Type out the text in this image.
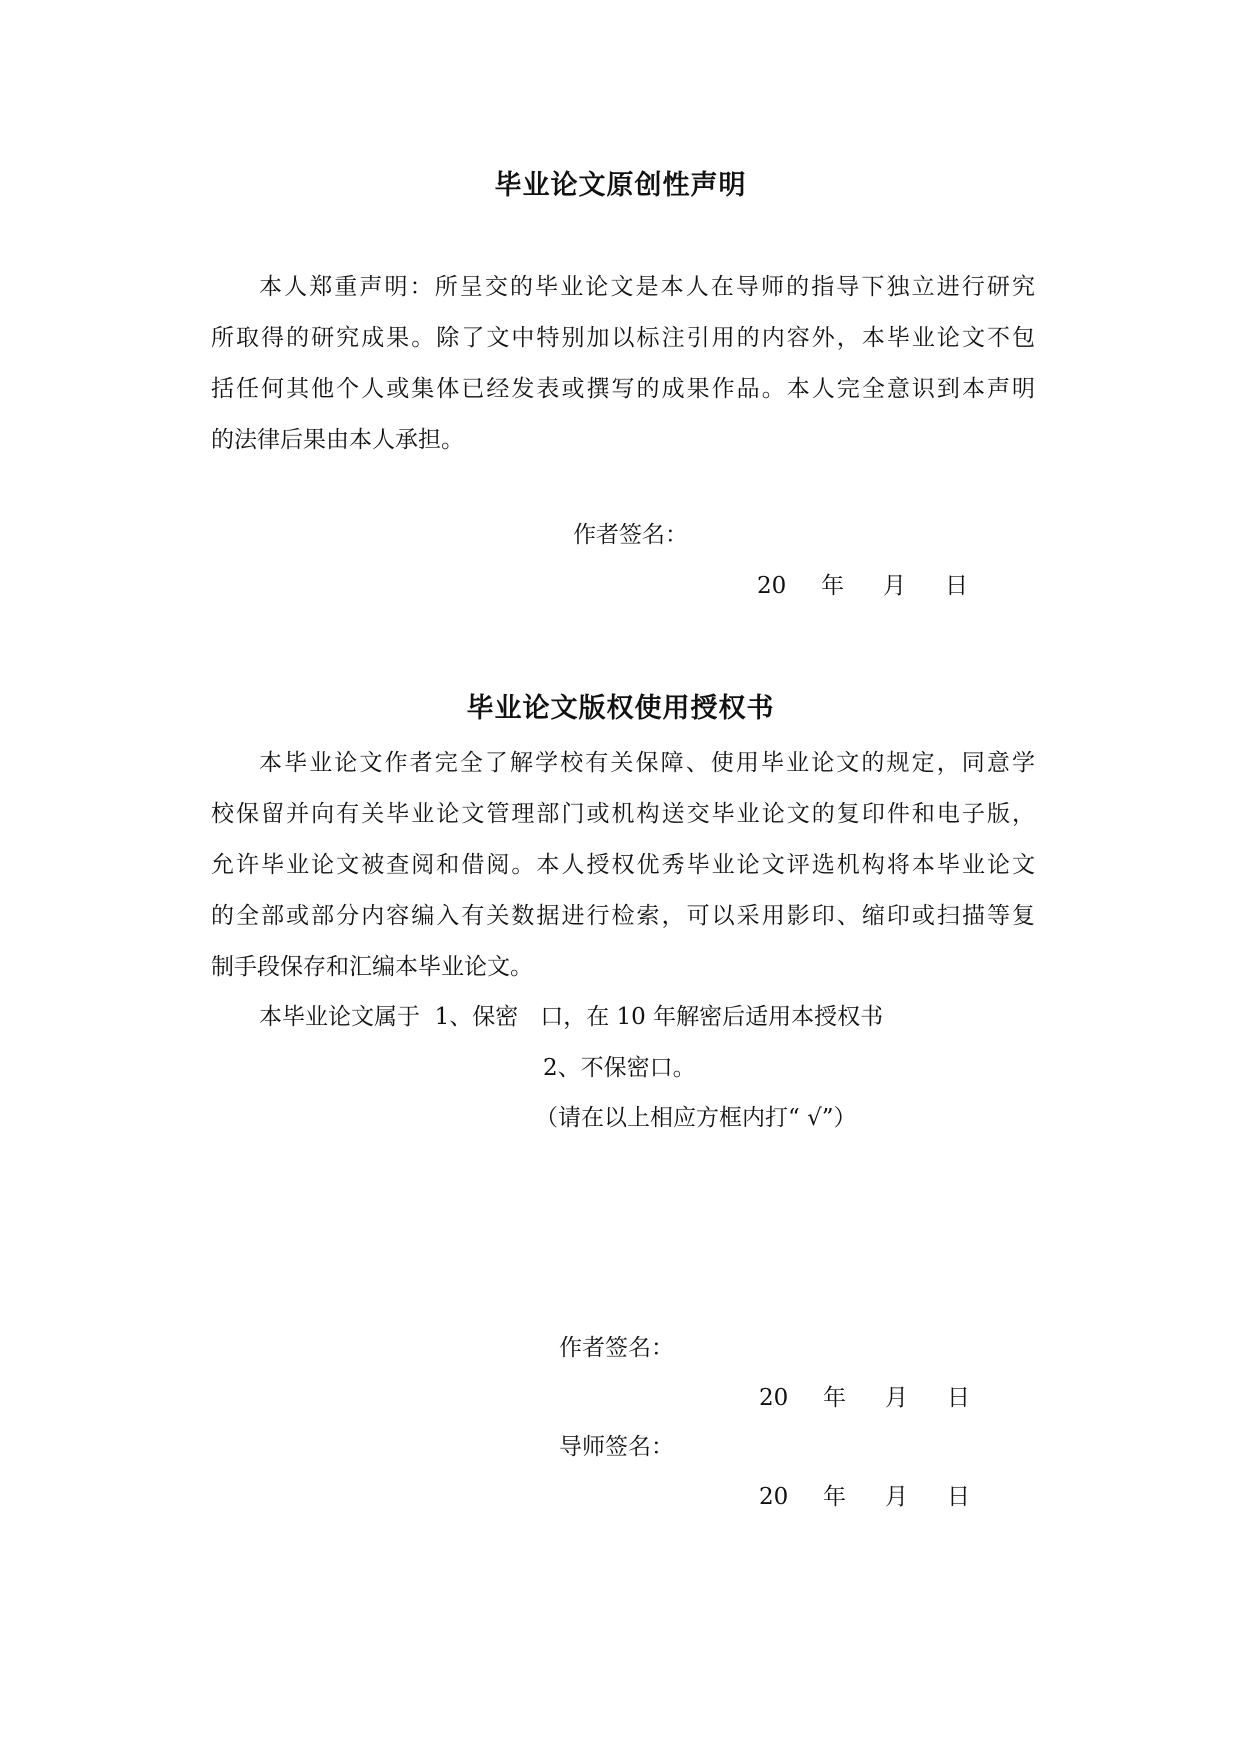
毕业论文原创性声明
本人郑重声明：所呈交的毕业论文是本人在导师的指导下独立进行研究
所取得的研究成果。除了文中特别加以标注引用的内容外，本毕业论文不包
括任何其他个人或集体已经发表或撰写的成果作品。本人完全意识到本声明
的法律后果由本人承担。
作者签名：
20 年 月 日
毕业论文版权使用授权书
本毕业论文作者完全了解学校有关保障、使用毕业论文的规定，同意学
校保留并向有关毕业论文管理部门或机构送交毕业论文的复印件和电子版，
允许毕业论文被查阅和借阅。本人授权优秀毕业论文评选机构将本毕业论文
的全部或部分内容编入有关数据进行检索，可以采用影印、缩印或扫描等复
制手段保存和汇编本毕业论文。
本毕业论文属于  1、保密   口，在 10 年解密后适用本授权书
2、不保密口。
（请在以上相应方框内打“ √”）
作者签名：
20 年 月 日
导师签名：
20 年 月 日
